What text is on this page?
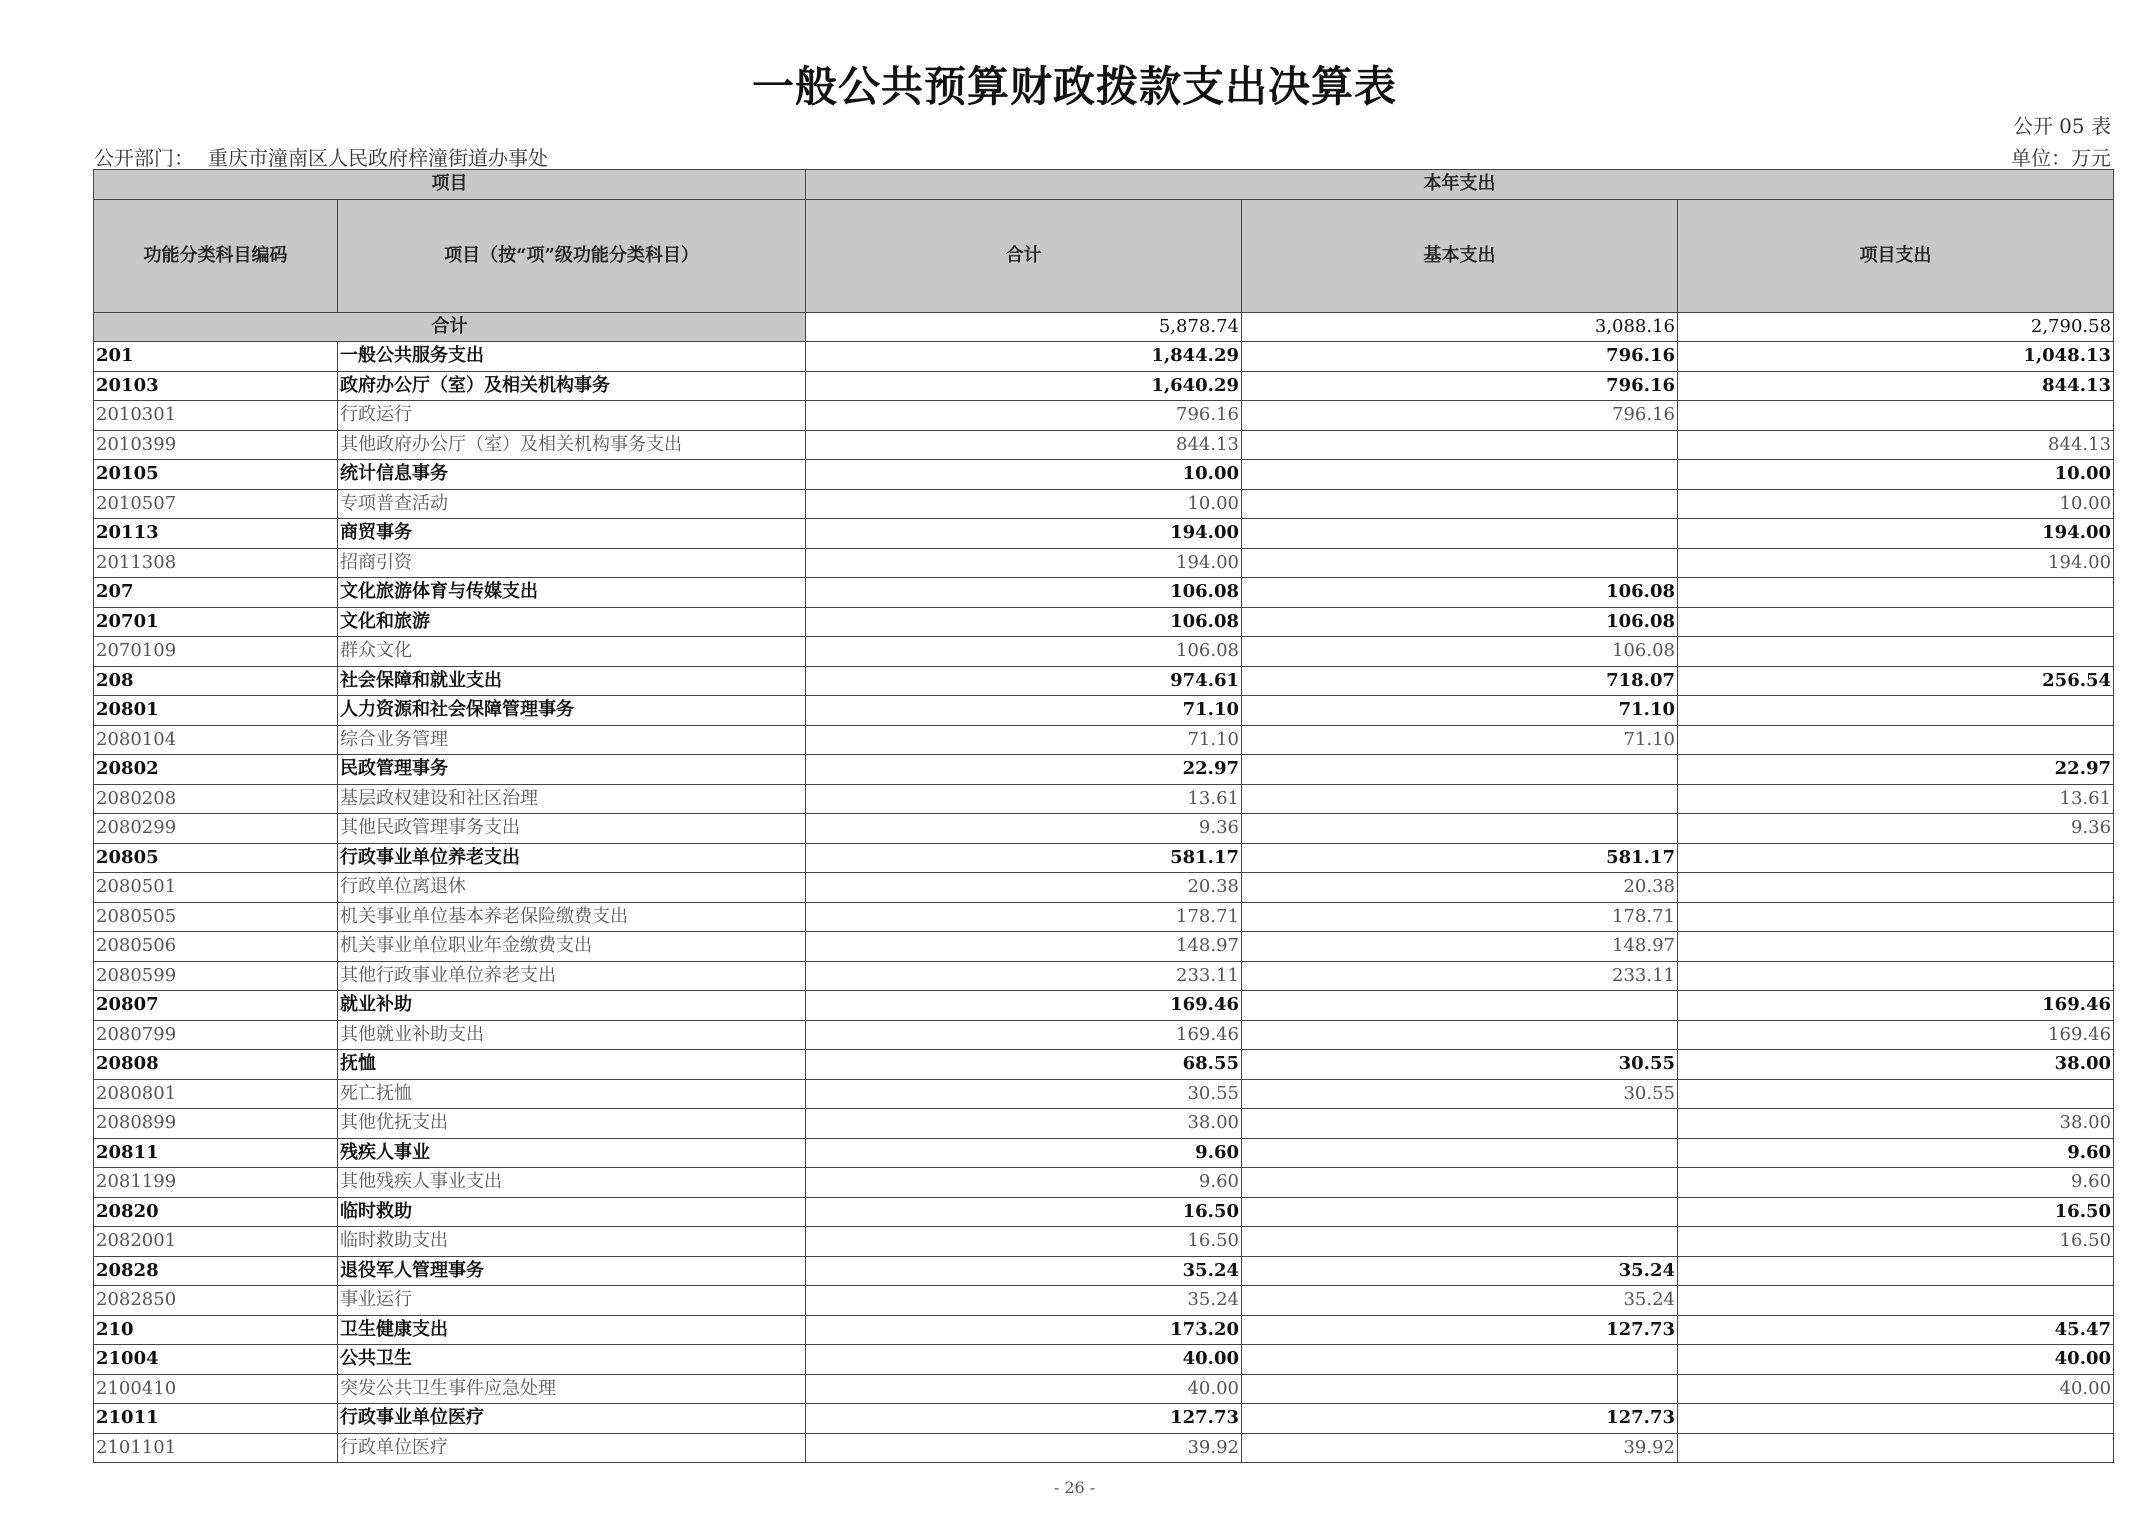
一般公共预算财政拨款支出决算表
公开 05 表
公开部门： 重庆市潼南区人民政府梓潼街道办事处	单位：万元
项目		本年支出		
功能分类科目编码	项目（按“项”级功能分类科目）	合计	基本支出	项目支出
合计		5,878.74	3,088.16	2,790.58
201	一般公共服务支出	1,844.29	796.16	1,048.13
20103	政府办公厅（室）及相关机构事务	1,640.29	796.16	844.13
2010301	行政运行	796.16	796.16	
2010399	其他政府办公厅（室）及相关机构事务支出	844.13		844.13
20105	统计信息事务	10.00		10.00
2010507	专项普查活动	10.00		10.00
20113	商贸事务	194.00		194.00
2011308	招商引资	194.00		194.00
207	文化旅游体育与传媒支出	106.08	106.08	
20701	文化和旅游	106.08	106.08	
2070109	群众文化	106.08	106.08	
208	社会保障和就业支出	974.61	718.07	256.54
20801	人力资源和社会保障管理事务	71.10	71.10	
2080104	综合业务管理	71.10	71.10	
20802	民政管理事务	22.97		22.97
2080208	基层政权建设和社区治理	13.61		13.61
2080299	其他民政管理事务支出	9.36		9.36
20805	行政事业单位养老支出	581.17	581.17	
2080501	行政单位离退休	20.38	20.38	
2080505	机关事业单位基本养老保险缴费支出	178.71	178.71	
2080506	机关事业单位职业年金缴费支出	148.97	148.97	
2080599	其他行政事业单位养老支出	233.11	233.11	
20807	就业补助	169.46		169.46
2080799	其他就业补助支出	169.46		169.46
20808	抚恤	68.55	30.55	38.00
2080801	死亡抚恤	30.55	30.55	
2080899	其他优抚支出	38.00		38.00
20811	残疾人事业	9.60		9.60
2081199	其他残疾人事业支出	9.60		9.60
20820	临时救助	16.50		16.50
2082001	临时救助支出	16.50		16.50
20828	退役军人管理事务	35.24	35.24	
2082850	事业运行	35.24	35.24	
210	卫生健康支出	173.20	127.73	45.47
21004	公共卫生	40.00		40.00
2100410	突发公共卫生事件应急处理	40.00		40.00
21011	行政事业单位医疗	127.73	127.73	
2101101	行政单位医疗	39.92	39.92	
- 26 -
